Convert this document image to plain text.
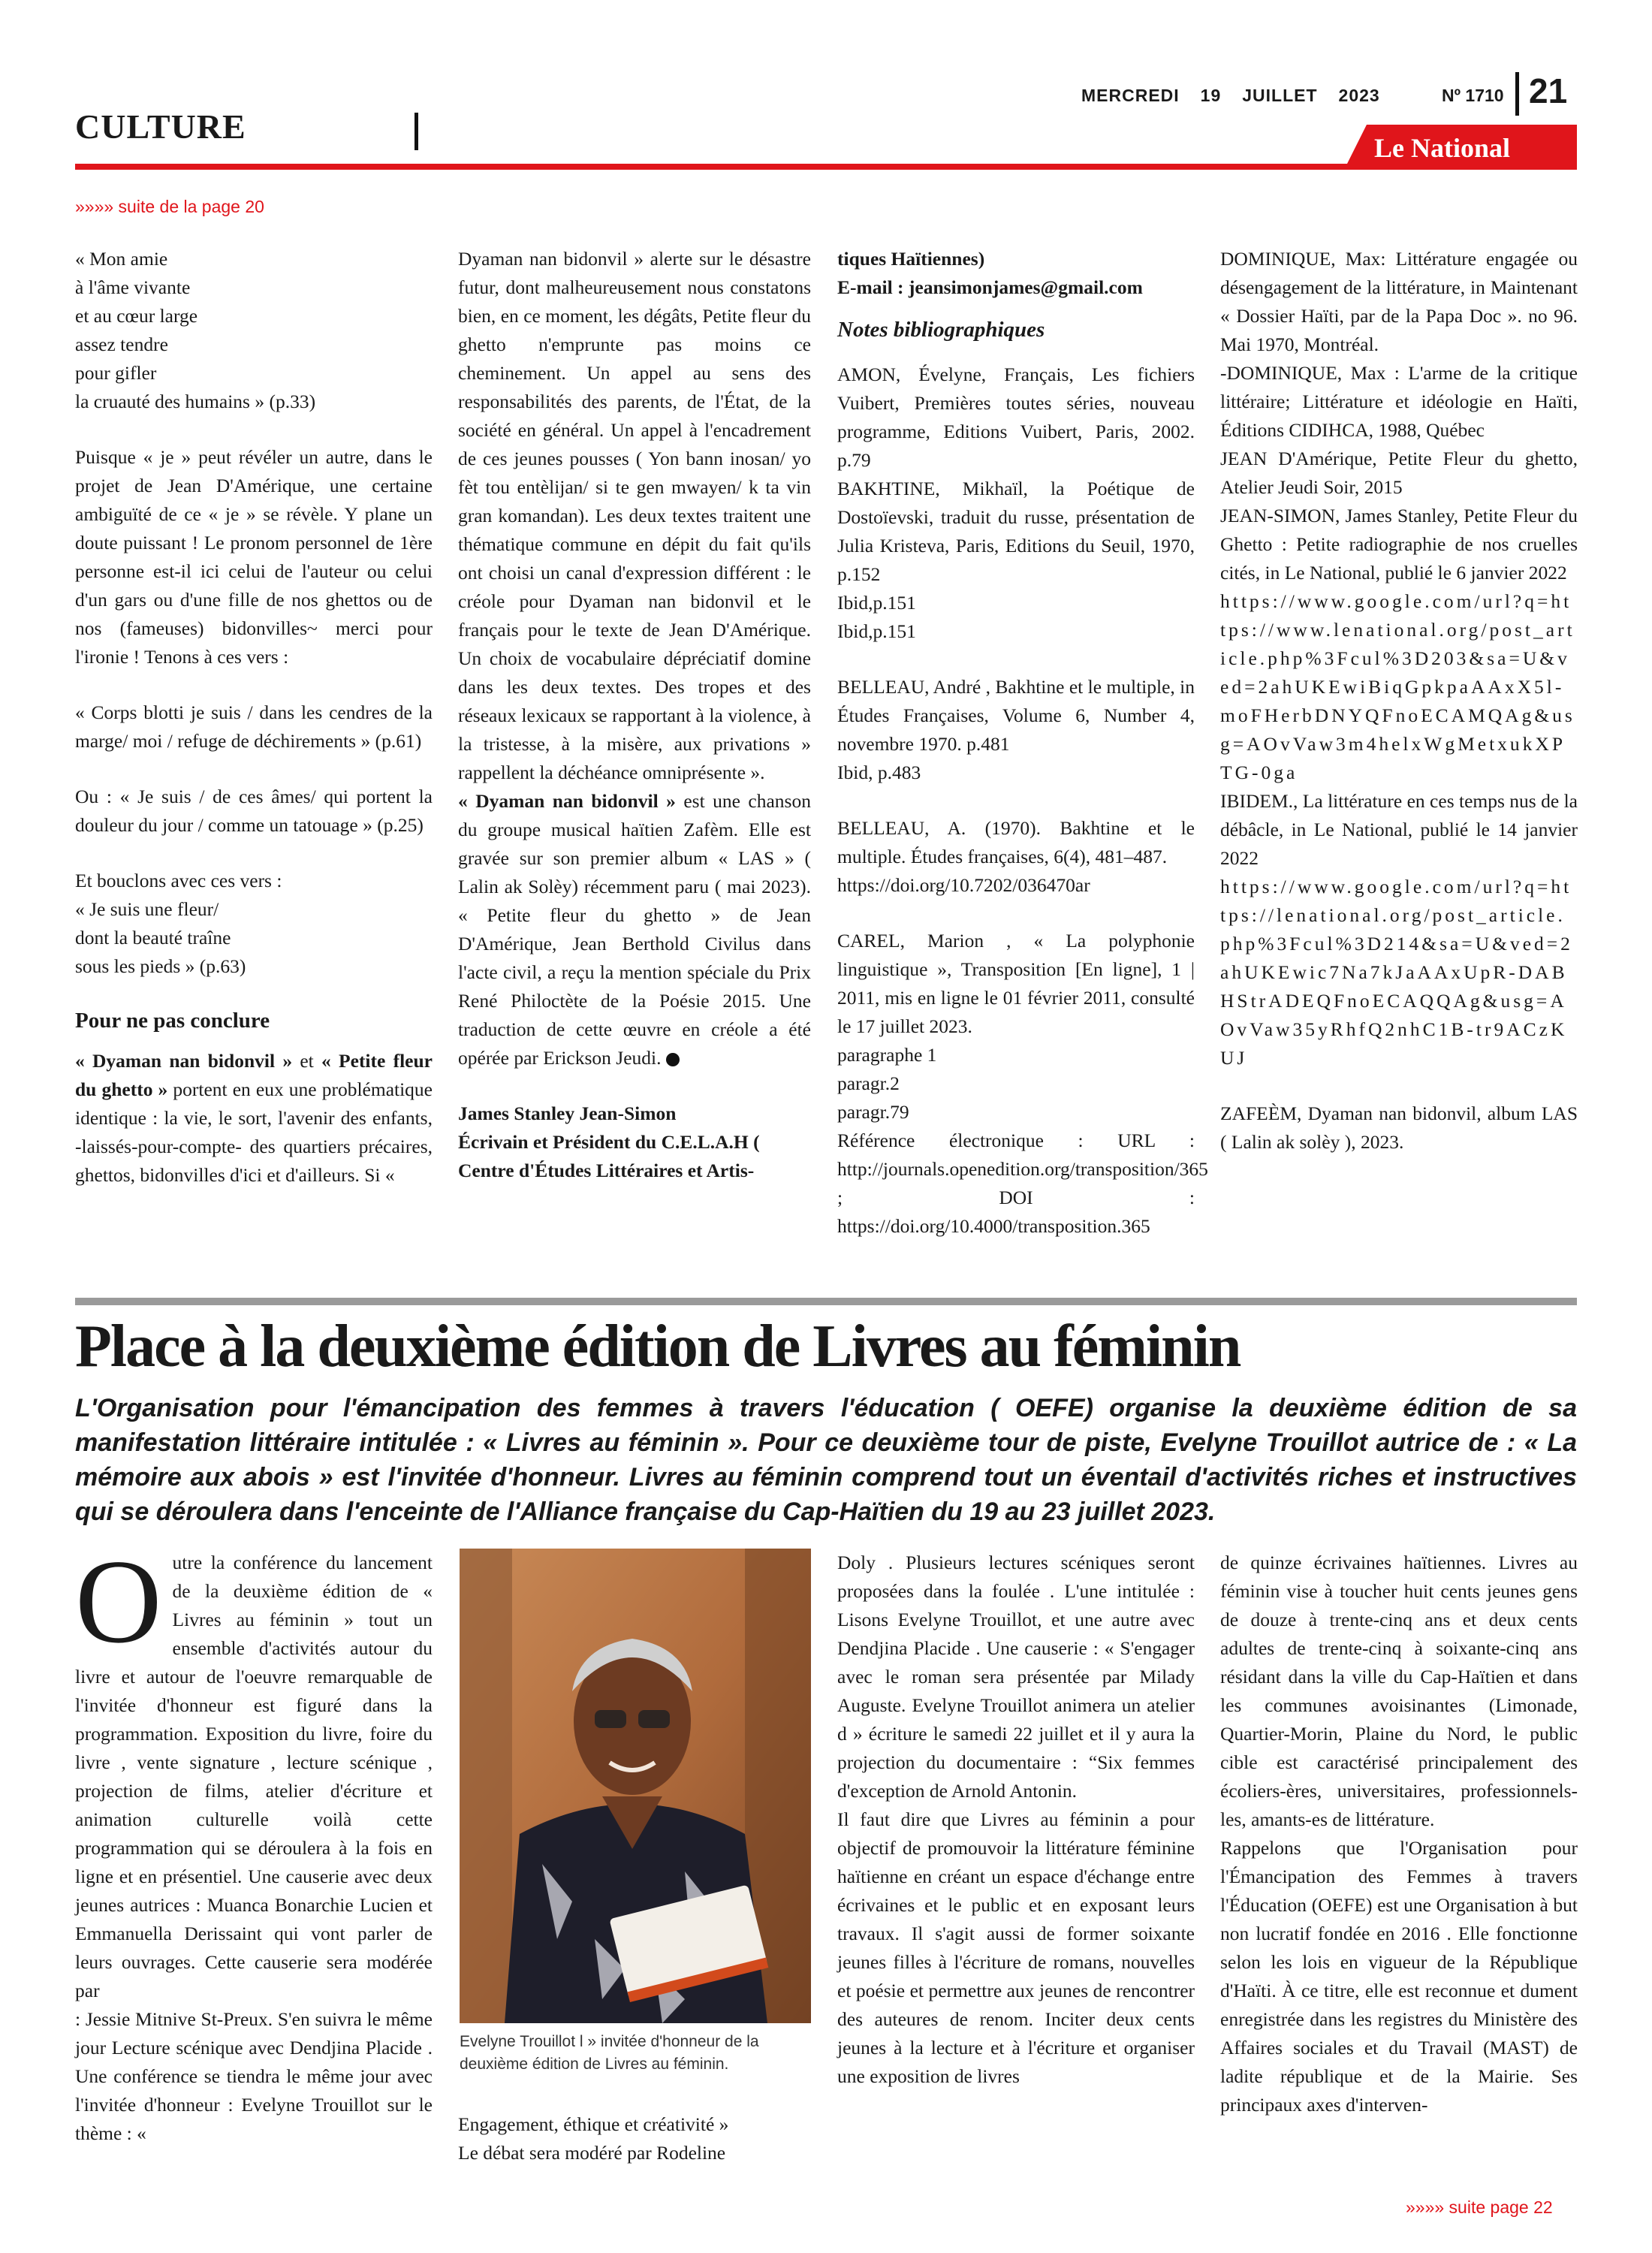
CULTURE
MERCREDI 19 JUILLET 2023	Nº 1710 21
Le National
»»»» suite de la page 20

« Mon amie

à l'âme vivante

et au cœur large

assez tendre

pour gifler

la cruauté des humains » (p.33)

Puisque « je » peut révéler un autre, dans le projet de Jean D'Amérique, une certaine ambiguïté de ce « je » se révèle. Y plane un doute puissant ! Le pronom personnel de 1ère personne est-il ici celui de l'auteur ou celui d'un gars ou d'une fille de nos ghettos ou de nos (fameuses) bidonvilles~ merci pour l'ironie ! Tenons à ces vers :

« Corps blotti je suis / dans les cendres de la marge/ moi / refuge de déchirements » (p.61)

Ou : « Je suis / de ces âmes/ qui portent la douleur du jour / comme un tatouage » (p.25)

Et bouclons avec ces vers :

« Je suis une fleur/

dont la beauté traîne

sous les pieds » (p.63)

Pour ne pas conclure

« Dyaman nan bidonvil » et « Petite fleur du ghetto » portent en eux une problématique identique : la vie, le sort, l'avenir des enfants, -laissés-pour-compte- des quartiers précaires, ghettos, bidonvilles d'ici et d'ailleurs. Si «

Dyaman nan bidonvil » alerte sur le désastre futur, dont malheureusement nous constatons bien, en ce moment, les dégâts, Petite fleur du ghetto n'emprunte pas moins ce cheminement. Un appel au sens des responsabilités des parents, de l'État, de la société en général. Un appel à l'encadrement de ces jeunes pousses ( Yon bann inosan/ yo fèt tou entèlijan/ si te gen mwayen/ k ta vin gran komandan). Les deux textes traitent une thématique commune en dépit du fait qu'ils ont choisi un canal d'expression différent : le créole pour Dyaman nan bidonvil et le français pour le texte de Jean D'Amérique. Un choix de vocabulaire dépréciatif domine dans les deux textes. Des tropes et des réseaux lexicaux se rapportant à la violence, à la tristesse, à la misère, aux privations » rappellent la déchéance omniprésente ».

« Dyaman nan bidonvil » est une chanson du groupe musical haïtien Zafèm. Elle est gravée sur son premier album « LAS » ( Lalin ak Solèy) récemment paru ( mai 2023). « Petite fleur du ghetto » de Jean D'Amérique, Jean Berthold Civilus dans l'acte civil, a reçu la mention spéciale du Prix René Philoctète de la Poésie 2015. Une traduction de cette œuvre en créole a été opérée par Erickson Jeudi.

James Stanley Jean-Simon

Écrivain et Président du C.E.L.A.H ( Centre d'Études Littéraires et Artis-

tiques Haïtiennes)

E-mail : jeansimonjames@gmail.com

Notes bibliographiques

AMON, Évelyne, Français, Les fichiers Vuibert, Premières toutes séries, nouveau programme, Editions Vuibert, Paris, 2002. p.79

BAKHTINE, Mikhaïl, la Poétique de Dostoïevski, traduit du russe, présentation de Julia Kristeva, Paris, Editions du Seuil, 1970, p.152

Ibid,p.151

Ibid,p.151

BELLEAU, André , Bakhtine et le multiple, in Études Françaises, Volume 6, Number 4, novembre 1970. p.481

Ibid, p.483

BELLEAU, A. (1970). Bakhtine et le multiple. Études françaises, 6(4), 481–487.

https://doi.org/10.7202/036470ar

CAREL, Marion , « La polyphonie linguistique », Transposition [En ligne], 1 | 2011, mis en ligne le 01 février 2011, consulté le 17 juillet 2023.

paragraphe 1

paragr.2

paragr.79

Référence électronique : URL : http://journals.openedition.org/transposition/365 ; DOI : https://doi.org/10.4000/transposition.365

DOMINIQUE, Max: Littérature engagée ou désengagement de la littérature, in Maintenant « Dossier Haïti, par de la Papa Doc ». no 96. Mai 1970, Montréal.

-DOMINIQUE, Max : L'arme de la critique littéraire; Littérature et idéologie en Haïti, Éditions CIDIHCA, 1988, Québec

JEAN D'Amérique, Petite Fleur du ghetto, Atelier Jeudi Soir, 2015

JEAN-SIMON, James Stanley, Petite Fleur du Ghetto : Petite radiographie de nos cruelles cités, in Le National, publié le 6 janvier 2022

https://www.google.com/url?q=https://www.lenational.org/post_article.php%3Fcul%3D203&sa=U&ved=2ahUKEwiBiqGpkpaAAxX5l-moFHerbDNYQFnoECAMQAg&usg=AOvVaw3m4helxWgMetxukXPTG-0ga

IBIDEM., La littérature en ces temps nus de la débâcle, in Le National, publié le 14 janvier 2022

https://www.google.com/url?q=https://lenational.org/post_article.php%3Fcul%3D214&sa=U&ved=2ahUKEwic7Na7kJaAAxUpR-DABHStrADEQFnoECAQQAg&usg=AOvVaw35yRhfQ2nhC1B-tr9ACzKUJ

ZAFEÈM, Dyaman nan bidonvil, album LAS ( Lalin ak solèy ), 2023.

Place à la deuxième édition de Livres au féminin
L'Organisation pour l'émancipation des femmes à travers l'éducation ( OEFE) organise la deuxième édition de sa manifestation littéraire intitulée : « Livres au féminin ». Pour ce deuxième tour de piste, Evelyne Trouillot autrice de : « La mémoire aux abois » est l'invitée d'honneur. Livres au féminin comprend tout un éventail d'activités riches et instructives qui se déroulera dans l'enceinte de l'Alliance française du Cap-Haïtien du 19 au 23 juillet 2023.

Outre la conférence du lancement de la deuxième édition de « Livres au féminin » tout un ensemble d'activités autour du livre et autour de l'oeuvre remarquable de l'invitée d'honneur est figuré dans la programmation. Exposition du livre, foire du livre , vente signature , lecture scénique , projection de films, atelier d'écriture et animation culturelle voilà cette programmation qui se déroulera à la fois en ligne et en présentiel. Une causerie avec deux jeunes autrices : Muanca Bonarchie Lucien et Emmanuella Derissaint qui vont parler de leurs ouvrages. Cette causerie sera modérée par

: Jessie Mitnive St-Preux. S'en suivra le même jour Lecture scénique avec Dendjina Placide . Une conférence se tiendra le même jour avec l'invitée d'honneur : Evelyne Trouillot sur le thème : «

Evelyne Trouillot l » invitée d'honneur de la deuxième édition de Livres au féminin.

Engagement, éthique et créativité »

Le débat sera modéré par Rodeline

Doly . Plusieurs lectures scéniques seront proposées dans la foulée . L'une intitulée : Lisons Evelyne Trouillot, et une autre avec Dendjina Placide . Une causerie : « S'engager avec le roman sera présentée par Milady Auguste. Evelyne Trouillot animera un atelier d » écriture le samedi 22 juillet et il y aura la projection du documentaire : “Six femmes d'exception de Arnold Antonin.

Il faut dire que Livres au féminin a pour objectif de promouvoir la littérature féminine haïtienne en créant un espace d'échange entre écrivaines et le public et en exposant leurs travaux. Il s'agit aussi de former soixante jeunes filles à l'écriture de romans, nouvelles et poésie et permettre aux jeunes de rencontrer des auteures de renom. Inciter deux cents jeunes à la lecture et à l'écriture et organiser une exposition de livres

de quinze écrivaines haïtiennes. Livres au féminin vise à toucher huit cents jeunes gens de douze à trente-cinq ans et deux cents adultes de trente-cinq à soixante-cinq ans résidant dans la ville du Cap-Haïtien et dans les communes avoisinantes (Limonade, Quartier-Morin, Plaine du Nord, le public cible est caractérisé principalement des écoliers-ères, universitaires, professionnels-les, amants-es de littérature.

Rappelons que l'Organisation pour l'Émancipation des Femmes à travers l'Éducation (OEFE) est une Organisation à but non lucratif fondée en 2016 . Elle fonctionne selon les lois en vigueur de la République d'Haïti. À ce titre, elle est reconnue et dument enregistrée dans les registres du Ministère des Affaires sociales et du Travail (MAST) de ladite république et de la Mairie. Ses principaux axes d'interven-

»»»» suite page 22
